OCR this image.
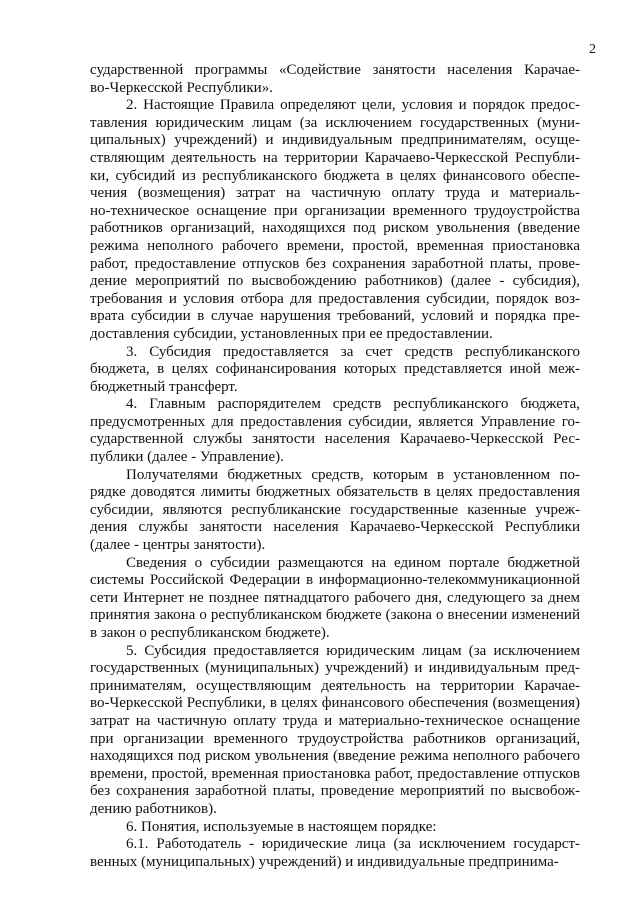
2
сударственной программы «Содействие занятости населения Карачае-
во-Черкесской Республики».
2. Настоящие Правила определяют цели, условия и порядок предос-
тавления юридическим лицам (за исключением государственных (муни-
ципальных) учреждений) и индивидуальным предпринимателям, осуще-
ствляющим деятельность на территории Карачаево-Черкесской Республи-
ки, субсидий из республиканского бюджета в целях финансового обеспе-
чения (возмещения) затрат на частичную оплату труда и материаль-
но-техническое оснащение при организации временного трудоустройства
работников организаций, находящихся под риском увольнения (введение
режима неполного рабочего времени, простой, временная приостановка
работ, предоставление отпусков без сохранения заработной платы, прове-
дение мероприятий по высвобождению работников) (далее - субсидия),
требования и условия отбора для предоставления субсидии, порядок воз-
врата субсидии в случае нарушения требований, условий и порядка пре-
доставления субсидии, установленных при ее предоставлении.
3. Субсидия предоставляется за счет средств республиканского
бюджета, в целях софинансирования которых представляется иной меж-
бюджетный трансферт.
4. Главным распорядителем средств республиканского бюджета,
предусмотренных для предоставления субсидии, является Управление го-
сударственной службы занятости населения Карачаево-Черкесской Рес-
публики (далее - Управление).
Получателями бюджетных средств, которым в установленном по-
рядке доводятся лимиты бюджетных обязательств в целях предоставления
субсидии, являются республиканские государственные казенные учреж-
дения службы занятости населения Карачаево-Черкесской Республики
(далее - центры занятости).
Сведения о субсидии размещаются на едином портале бюджетной
системы Российской Федерации в информационно-телекоммуникационной
сети Интернет не позднее пятнадцатого рабочего дня, следующего за днем
принятия закона о республиканском бюджете (закона о внесении изменений
в закон о республиканском бюджете).
5. Субсидия предоставляется юридическим лицам (за исключением
государственных (муниципальных) учреждений) и индивидуальным пред-
принимателям, осуществляющим деятельность на территории Карачае-
во-Черкесской Республики, в целях финансового обеспечения (возмещения)
затрат на частичную оплату труда и материально-техническое оснащение
при организации временного трудоустройства работников организаций,
находящихся под риском увольнения (введение режима неполного рабочего
времени, простой, временная приостановка работ, предоставление отпусков
без сохранения заработной платы, проведение мероприятий по высвобож-
дению работников).
6. Понятия, используемые в настоящем порядке:
6.1. Работодатель - юридические лица (за исключением государст-
венных (муниципальных) учреждений) и индивидуальные предпринима-
